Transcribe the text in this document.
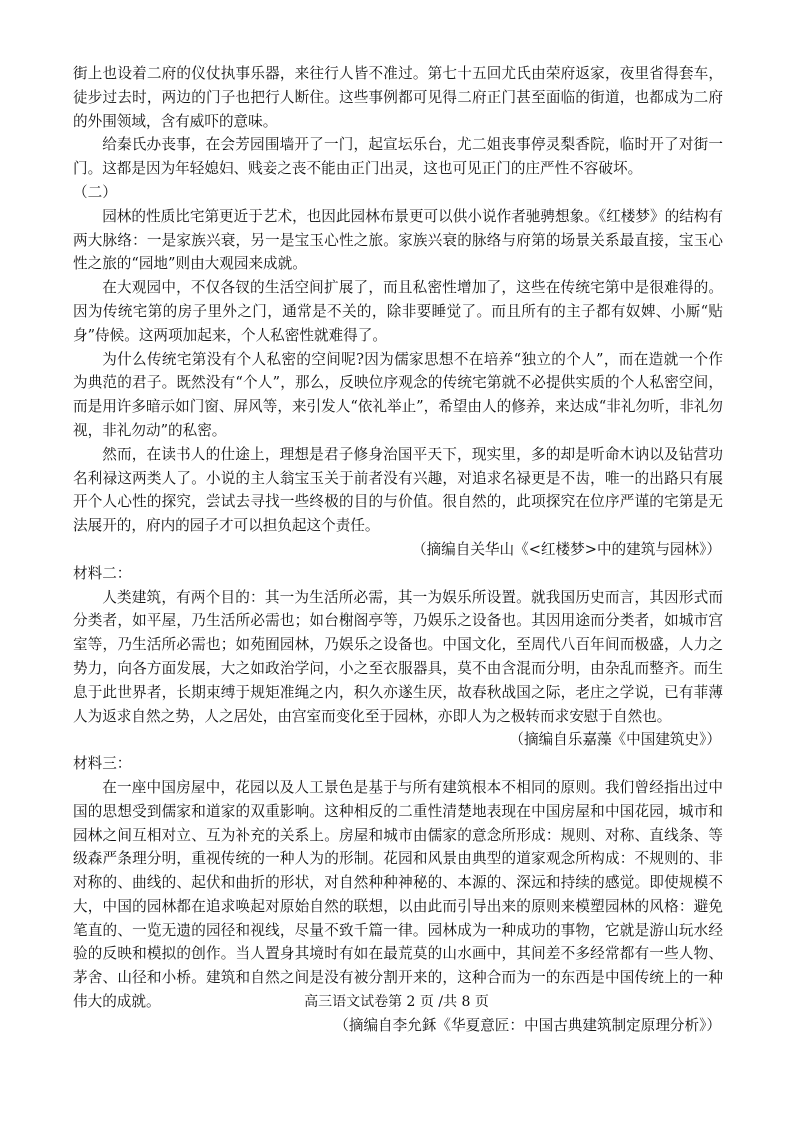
街上也设着二府的仪仗执事乐器，来往行人皆不准过。第七十五回尤氏由荣府返家，夜里省得套车，徒步过去时，两边的门子也把行人断住。这些事例都可见得二府正门甚至面临的街道，也都成为二府的外围领域，含有威吓的意味。

给秦氏办丧事，在会芳园围墙开了一门，起宣坛乐台，尤二姐丧事停灵梨香院，临时开了对街一门。这都是因为年轻媳妇、贱妾之丧不能由正门出灵，这也可见正门的庄严性不容破坏。

（二）

园林的性质比宅第更近于艺术，也因此园林布景更可以供小说作者驰骋想象。《红楼梦》的结构有两大脉络：一是家族兴衰，另一是宝玉心性之旅。家族兴衰的脉络与府第的场景关系最直接，宝玉心性之旅的“园地”则由大观园来成就。

在大观园中，不仅各钗的生活空间扩展了，而且私密性增加了，这些在传统宅第中是很难得的。因为传统宅第的房子里外之门，通常是不关的，除非要睡觉了。而且所有的主子都有奴婢、小厮“贴身”侍候。这两项加起来，个人私密性就难得了。

为什么传统宅第没有个人私密的空间呢?因为儒家思想不在培养“独立的个人”，而在造就一个作为典范的君子。既然没有“个人”，那么，反映位序观念的传统宅第就不必提供实质的个人私密空间，而是用许多暗示如门窗、屏风等，来引发人“依礼举止”，希望由人的修养，来达成“非礼勿听，非礼勿视，非礼勿动”的私密。

然而，在读书人的仕途上，理想是君子修身治国平天下，现实里，多的却是听命木讷以及钻营功名利禄这两类人了。小说的主人翁宝玉关于前者没有兴趣，对追求名禄更是不齿，唯一的出路只有展开个人心性的探究，尝试去寻找一些终极的目的与价值。很自然的，此项探究在位序严谨的宅第是无法展开的，府内的园子才可以担负起这个责任。

（摘编自关华山《<红楼梦>中的建筑与园林》）

材料二：

人类建筑，有两个目的：其一为生活所必需，其一为娱乐所设置。就我国历史而言，其因形式而分类者，如平屋，乃生活所必需也；如台榭阁亭等，乃娱乐之设备也。其因用途而分类者，如城市宫室等，乃生活所必需也；如苑囿园林，乃娱乐之设备也。中国文化，至周代八百年间而极盛，人力之势力，向各方面发展，大之如政治学问，小之至衣服器具，莫不由含混而分明，由杂乱而整齐。而生息于此世界者，长期束缚于规矩准绳之内，积久亦遂生厌，故春秋战国之际，老庄之学说，已有菲薄人为返求自然之势，人之居处，由宫室而变化至于园林，亦即人为之极转而求安慰于自然也。

（摘编自乐嘉藻《中国建筑史》）

材料三：

在一座中国房屋中，花园以及人工景色是基于与所有建筑根本不相同的原则。我们曾经指出过中国的思想受到儒家和道家的双重影响。这种相反的二重性清楚地表现在中国房屋和中国花园，城市和园林之间互相对立、互为补充的关系上。房屋和城市由儒家的意念所形成：规则、对称、直线条、等级森严条理分明，重视传统的一种人为的形制。花园和风景由典型的道家观念所构成：不规则的、非对称的、曲线的、起伏和曲折的形状，对自然种种神秘的、本源的、深远和持续的感觉。即使规模不大，中国的园林都在追求唤起对原始自然的联想，以由此而引导出来的原则来模塑园林的风格：避免笔直的、一览无遗的园径和视线，尽量不致千篇一律。园林成为一种成功的事物，它就是游山玩水经验的反映和模拟的创作。当人置身其境时有如在最荒莫的山水画中，其间差不多经常都有一些人物、茅舍、山径和小桥。建筑和自然之间是没有被分割开来的，这种合而为一的东西是中国传统上的一种伟大的成就。

（摘编自李允鉌《华夏意匠：中国古典建筑制定原理分析》）

高三语文试卷第 2 页 /共 8 页
